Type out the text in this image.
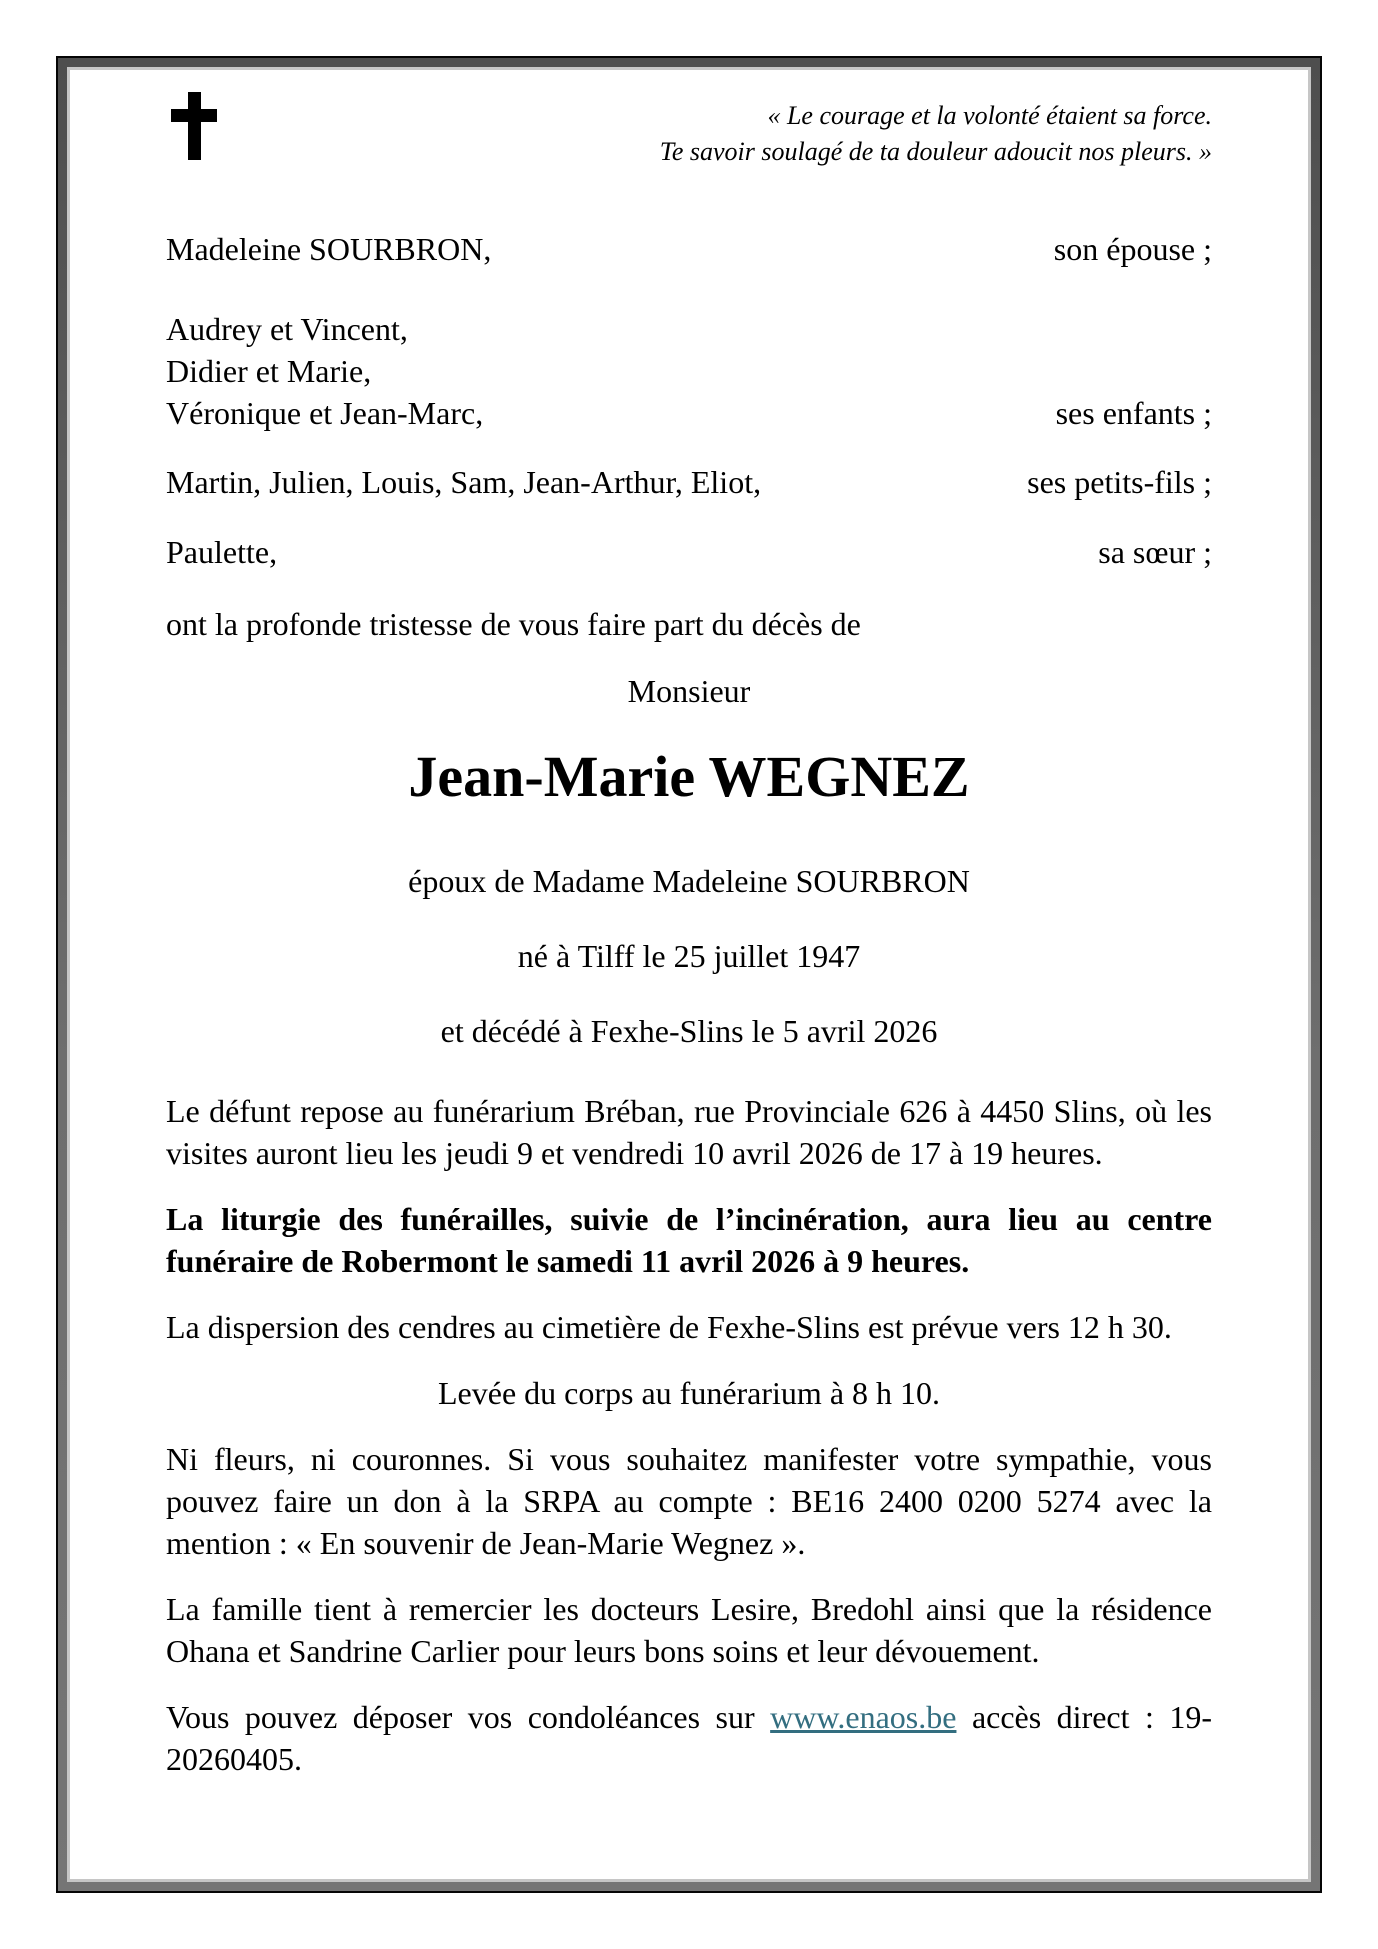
« Le courage et la volonté étaient sa force.
Te savoir soulagé de ta douleur adoucit nos pleurs. »
Madeleine SOURBRON,	son épouse ;
Audrey et Vincent,
Didier et Marie,
Véronique et Jean-Marc,	ses enfants ;
Martin, Julien, Louis, Sam, Jean-Arthur, Eliot,	ses petits-fils ;
Paulette,	sa sœur ;
ont la profonde tristesse de vous faire part du décès de
Monsieur
Jean-Marie WEGNEZ
époux de Madame Madeleine SOURBRON
né à Tilff le 25 juillet 1947
et décédé à Fexhe-Slins le 5 avril 2026

Le défunt repose au funérarium Bréban, rue Provinciale 626 à 4450 Slins, où les visites auront lieu les jeudi 9 et vendredi 10 avril 2026 de 17 à 19 heures.

La liturgie des funérailles, suivie de l’incinération, aura lieu au centre funéraire de Robermont le samedi 11 avril 2026 à 9 heures.

La dispersion des cendres au cimetière de Fexhe-Slins est prévue vers 12 h 30.

Levée du corps au funérarium à 8 h 10.

Ni fleurs, ni couronnes. Si vous souhaitez manifester votre sympathie, vous pouvez faire un don à la SRPA au compte : BE16 2400 0200 5274 avec la mention : « En souvenir de Jean-Marie Wegnez ».

La famille tient à remercier les docteurs Lesire, Bredohl ainsi que la résidence Ohana et Sandrine Carlier pour leurs bons soins et leur dévouement.

Vous pouvez déposer vos condoléances sur www.enaos.be accès direct : 19-20260405.
